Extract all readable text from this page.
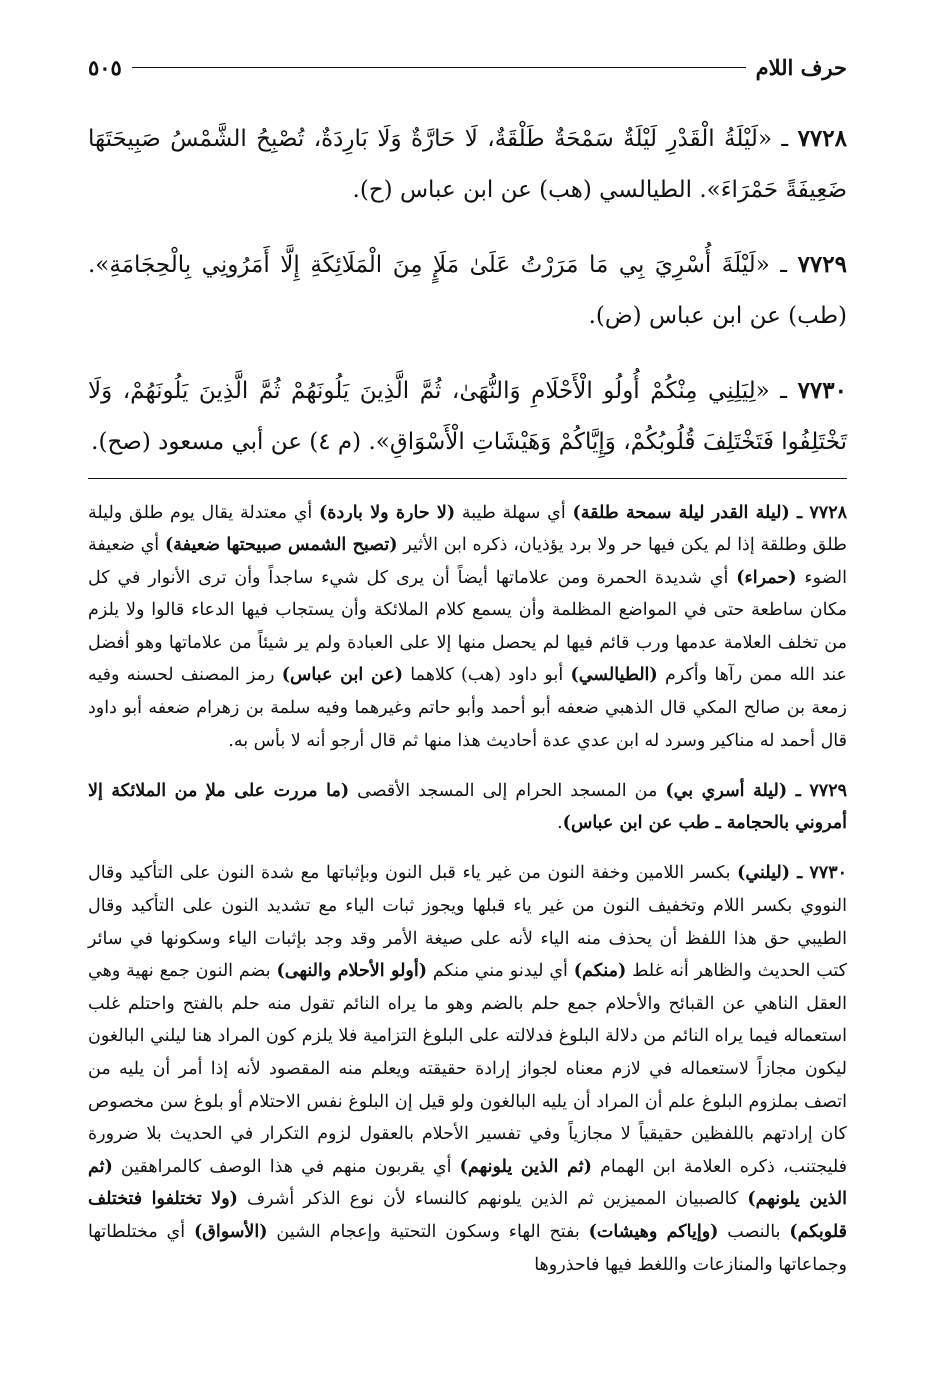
حرف اللام
٥٠٥

٧٧٢٨ ـ «لَيْلَةُ الْقَدْرِ لَيْلَةٌ سَمْحَةٌ طَلْقَةٌ، لَا حَارَّةٌ وَلَا بَارِدَةٌ، تُصْبِحُ الشَّمْسُ صَبِيحَتَهَا ضَعِيفَةً حَمْرَاءَ». الطيالسي (هب) عن ابن عباس (ح).

٧٧٢٩ ـ «لَيْلَةَ أُسْرِيَ بِي مَا مَرَرْتُ عَلَىٰ مَلَإٍ مِنَ الْمَلَائِكَةِ إِلَّا أَمَرُونِي بِالْحِجَامَةِ». (طب) عن ابن عباس (ض).

٧٧٣٠ ـ «لِيَلِنِي مِنْكُمْ أُولُو الْأَحْلَامِ وَالنُّهَىٰ، ثُمَّ الَّذِينَ يَلُونَهُمْ ثُمَّ الَّذِينَ يَلُونَهُمْ، وَلَا تَخْتَلِفُوا فَتَخْتَلِفَ قُلُوبُكُمْ، وَإِيَّاكُمْ وَهَيْشَاتِ الْأَسْوَاقِ». (م ٤) عن أبي مسعود (صح).

٧٧٢٨ ـ (ليلة القدر ليلة سمحة طلقة) أي سهلة طيبة (لا حارة ولا باردة) أي معتدلة يقال يوم طلق وليلة طلق وطلقة إذا لم يكن فيها حر ولا برد يؤذيان، ذكره ابن الأثير (تصبح الشمس صبيحتها ضعيفة) أي ضعيفة الضوء (حمراء) أي شديدة الحمرة ومن علاماتها أيضاً أن يرى كل شيء ساجداً وأن ترى الأنوار في كل مكان ساطعة حتى في المواضع المظلمة وأن يسمع كلام الملائكة وأن يستجاب فيها الدعاء قالوا ولا يلزم من تخلف العلامة عدمها ورب قائم فيها لم يحصل منها إلا على العبادة ولم ير شيئاً من علاماتها وهو أفضل عند الله ممن رآها وأكرم (الطيالسي) أبو داود (هب) كلاهما (عن ابن عباس) رمز المصنف لحسنه وفيه زمعة بن صالح المكي قال الذهبي ضعفه أبو أحمد وأبو حاتم وغيرهما وفيه سلمة بن زهرام ضعفه أبو داود قال أحمد له مناكير وسرد له ابن عدي عدة أحاديث هذا منها ثم قال أرجو أنه لا بأس به.

٧٧٢٩ ـ (ليلة أسري بي) من المسجد الحرام إلى المسجد الأقصى (ما مررت على ملإ من الملائكة إلا أمروني بالحجامة ـ طب عن ابن عباس).

٧٧٣٠ ـ (ليلني) بكسر اللامين وخفة النون من غير ياء قبل النون وبإثباتها مع شدة النون على التأكيد وقال النووي بكسر اللام وتخفيف النون من غير ياء قبلها ويجوز ثبات الياء مع تشديد النون على التأكيد وقال الطيبي حق هذا اللفظ أن يحذف منه الياء لأنه على صيغة الأمر وقد وجد بإثبات الياء وسكونها في سائر كتب الحديث والظاهر أنه غلط (منكم) أي ليدنو مني منكم (أولو الأحلام والنهى) بضم النون جمع نهية وهي العقل الناهي عن القبائح والأحلام جمع حلم بالضم وهو ما يراه النائم تقول منه حلم بالفتح واحتلم غلب استعماله فيما يراه النائم من دلالة البلوغ فدلالته على البلوغ التزامية فلا يلزم كون المراد هنا ليلني البالغون ليكون مجازاً لاستعماله في لازم معناه لجواز إرادة حقيقته ويعلم منه المقصود لأنه إذا أمر أن يليه من اتصف بملزوم البلوغ علم أن المراد أن يليه البالغون ولو قيل إن البلوغ نفس الاحتلام أو بلوغ سن مخصوص كان إرادتهم باللفظين حقيقياً لا مجازياً وفي تفسير الأحلام بالعقول لزوم التكرار في الحديث بلا ضرورة فليجتنب، ذكره العلامة ابن الهمام (ثم الذين يلونهم) أي يقربون منهم في هذا الوصف كالمراهقين (ثم الذين يلونهم) كالصبيان المميزين ثم الذين يلونهم كالنساء لأن نوع الذكر أشرف (ولا تختلفوا فتختلف قلوبكم) بالنصب (وإياكم وهيشات) بفتح الهاء وسكون التحتية وإعجام الشين (الأسواق) أي مختلطاتها وجماعاتها والمنازعات واللغط فيها فاحذروها
